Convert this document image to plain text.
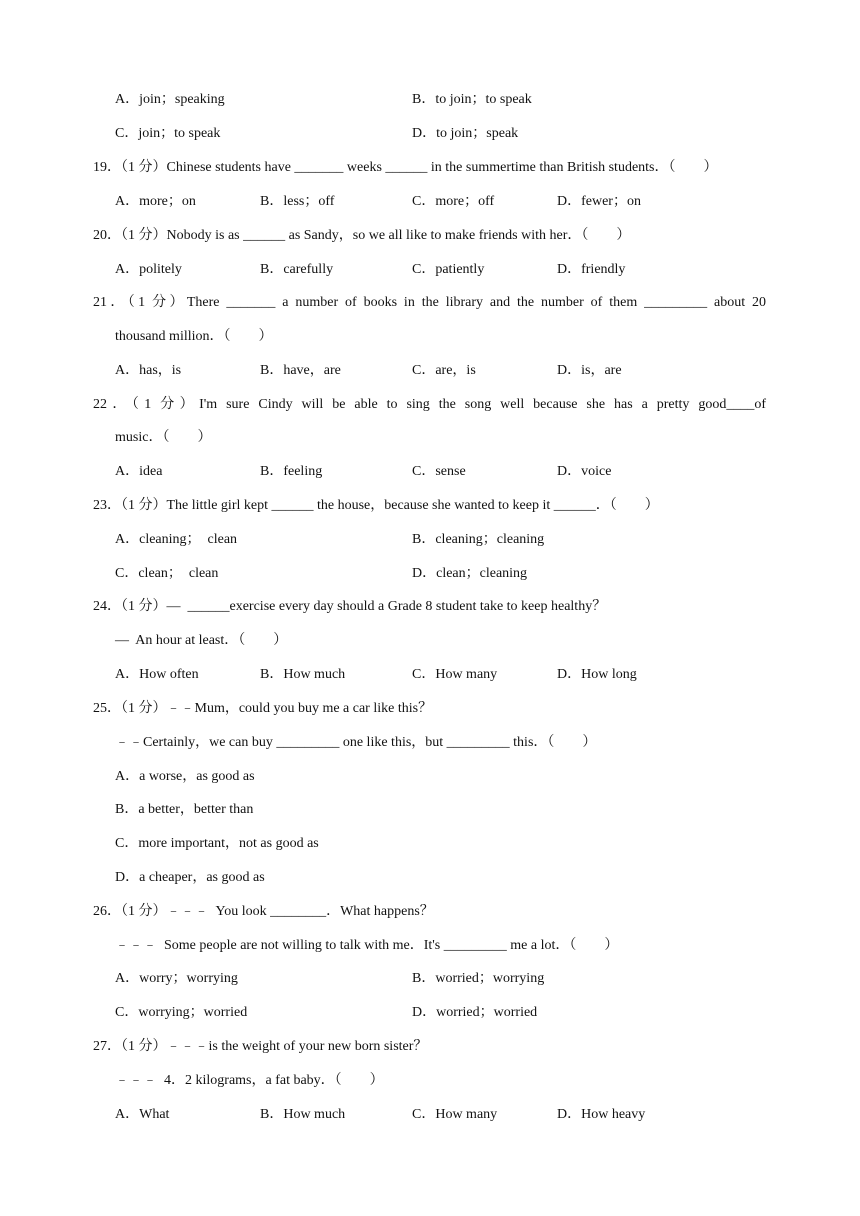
A．join；speaking	B．to join；to speak
C．join；to speak	D．to join；speak
19．（1 分）Chinese students have _______ weeks ______ in the summertime than British students．（　　）
A．more；on	B．less；off	C．more；off	D．fewer；on
20．（1 分）Nobody is as ______ as Sandy，so we all like to make friends with her．（　　）
A．politely	B．carefully	C．patiently	D．friendly
21．（1 分）There _______ a number of books in the library and the number of them _________ about 20
thousand million．（　　）
A．has，is	B．have，are	C．are，is	D．is，are
22．（1 分）I'm sure Cindy will be able to sing the song well because she has a pretty good____of
music．（　　）
A．idea	B．feeling	C．sense	D．voice
23．（1 分）The little girl kept ______ the house，because she wanted to keep it ______．（　　）
A．cleaning；  clean	B．cleaning；cleaning
C．clean；  clean	D．clean；cleaning
24．（1 分）—  ______exercise every day should a Grade 8 student take to keep healthy？
—  An hour at least．（　　）
A．How often	B．How much	C．How many	D．How long
25．（1 分）﹣﹣Mum，could you buy me a car like this？
﹣﹣Certainly，we can buy _________ one like this，but _________ this．（　　）
A．a worse，as good as
B．a better，better than
C．more important，not as good as
D．a cheaper，as good as
26．（1 分）﹣﹣﹣  You look ________．What happens？
﹣﹣﹣  Some people are not willing to talk with me．It's _________ me a lot．（　　）
A．worry；worrying	B．worried；worrying
C．worrying；worried	D．worried；worried
27．（1 分）﹣﹣﹣is the weight of your new born sister？
﹣﹣﹣  4．2 kilograms，a fat baby．（　　）
A．What	B．How much	C．How many	D．How heavy
